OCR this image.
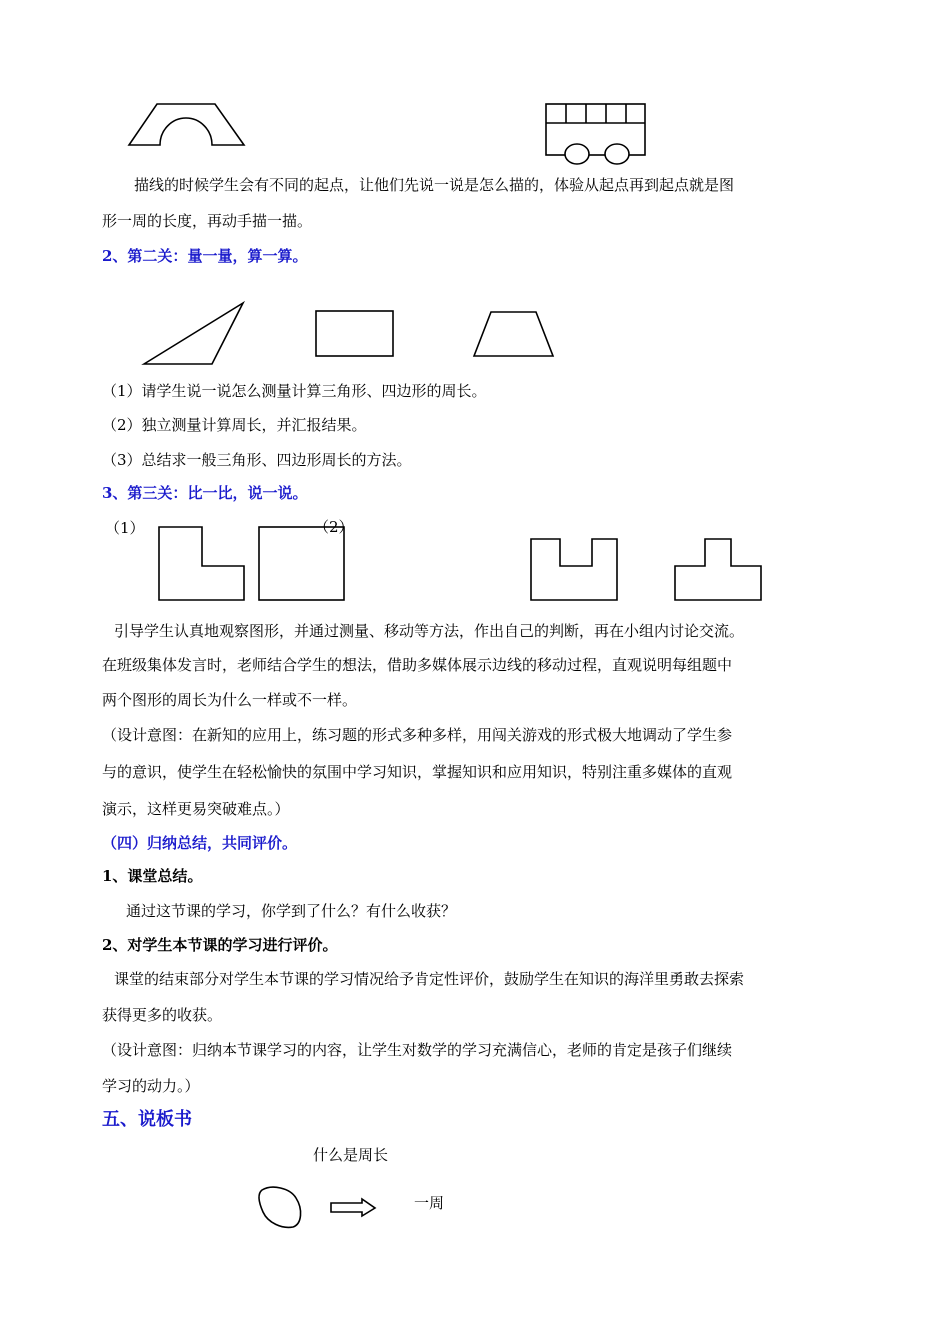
描线的时候学生会有不同的起点，让他们先说一说是怎么描的，体验从起点再到起点就是图
形一周的长度，再动手描一描。
2、第二关：量一量，算一算。
（1）请学生说一说怎么测量计算三角形、四边形的周长。
（2）独立测量计算周长，并汇报结果。
（3）总结求一般三角形、四边形周长的方法。
3、第三关：比一比，说一说。
（1）	（2）
引导学生认真地观察图形，并通过测量、移动等方法，作出自己的判断，再在小组内讨论交流。
在班级集体发言时，老师结合学生的想法，借助多媒体展示边线的移动过程，直观说明每组题中
两个图形的周长为什么一样或不一样。
（设计意图：在新知的应用上，练习题的形式多种多样，用闯关游戏的形式极大地调动了学生参
与的意识，使学生在轻松愉快的氛围中学习知识，掌握知识和应用知识，特别注重多媒体的直观
演示，这样更易突破难点。）
（四）归纳总结，共同评价。
1、课堂总结。
通过这节课的学习，你学到了什么？有什么收获？
2、对学生本节课的学习进行评价。
课堂的结束部分对学生本节课的学习情况给予肯定性评价，鼓励学生在知识的海洋里勇敢去探索
获得更多的收获。
（设计意图：归纳本节课学习的内容，让学生对数学的学习充满信心，老师的肯定是孩子们继续
学习的动力。）
五、说板书
什么是周长
一周
